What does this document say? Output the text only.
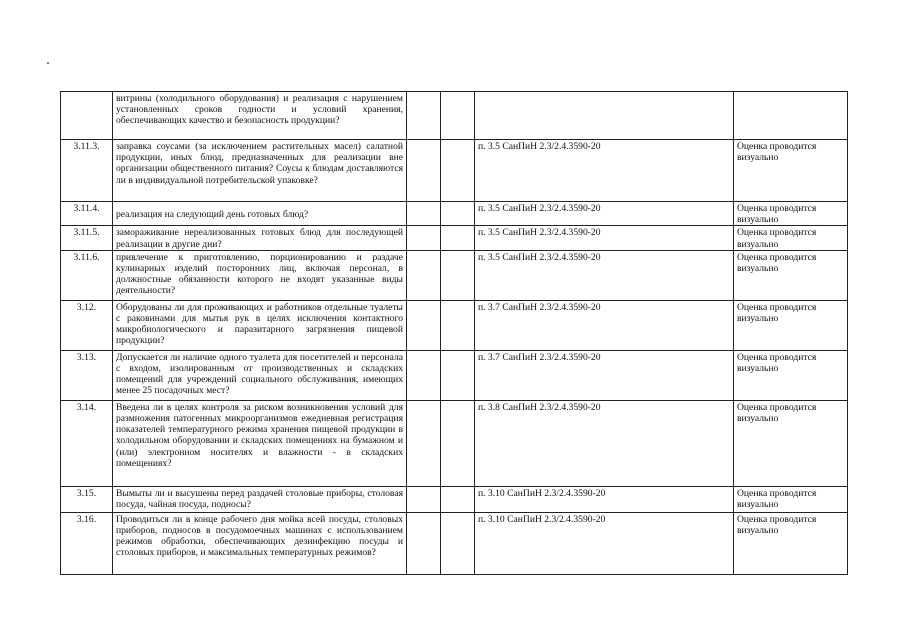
	витрины (холодильного оборудования) и реализация с нарушением установленных сроков годности и условий хранения, обеспечивающих качество и безопасность продукции?				
3.11.3.	заправка соусами (за исключением растительных масел) салатной продукции, иных блюд, предназначенных для реализации вне организации общественного питания? Соусы к блюдам доставляются ли в индивидуальной потребительской упаковке?			п. 3.5 СанПиН 2.3/2.4.3590-20	Оценка проводится визуально
3.11.4.	реализация на следующий день готовых блюд?			п. 3.5 СанПиН 2.3/2.4.3590-20	Оценка проводится визуально
3.11.5.	замораживание нереализованных готовых блюд для последующей реализации в другие дни?			п. 3.5 СанПиН 2.3/2.4.3590-20	Оценка проводится визуально
3.11.6.	привлечение к приготовлению, порционированию и раздаче кулинарных изделий посторонних лиц, включая персонал, в должностные обязанности которого не входят указанные виды деятельности?			п. 3.5 СанПиН 2.3/2.4.3590-20	Оценка проводится визуально
3.12.	Оборудованы ли для проживающих и работников отдельные туалеты с раковинами для мытья рук в целях исключения контактного микробиологического и паразитарного загрязнения пищевой продукции?			п. 3.7 СанПиН 2.3/2.4.3590-20	Оценка проводится визуально
3.13.	Допускается ли наличие одного туалета для посетителей и персонала с входом, изолированным от производственных и складских помещений для учреждений социального обслуживания, имеющих менее 25 посадочных мест?			п. 3.7 СанПиН 2.3/2.4.3590-20	Оценка проводится визуально
3.14.	Введена ли в целях контроля за риском возникновения условий для размножения патогенных микроорганизмов ежедневная регистрация показателей температурного режима хранения пищевой продукции в холодильном оборудовании и складских помещениях на бумажном и (или) электронном носителях и влажности - в складских помещениях?			п. 3.8 СанПиН 2.3/2.4.3590-20	Оценка проводится визуально
3.15.	Вымыты ли и высушены перед раздачей столовые приборы, столовая посуда, чайная посуда, подносы?			п. 3.10 СанПиН 2.3/2.4.3590-20	Оценка проводится визуально
3.16.	Проводиться ли в конце рабочего дня мойка всей посуды, столовых приборов, подносов в посудомоечных машинах с использованием режимов обработки, обеспечивающих дезинфекцию посуды и столовых приборов, и максимальных температурных режимов?			п. 3.10 СанПиН 2.3/2.4.3590-20	Оценка проводится визуально
